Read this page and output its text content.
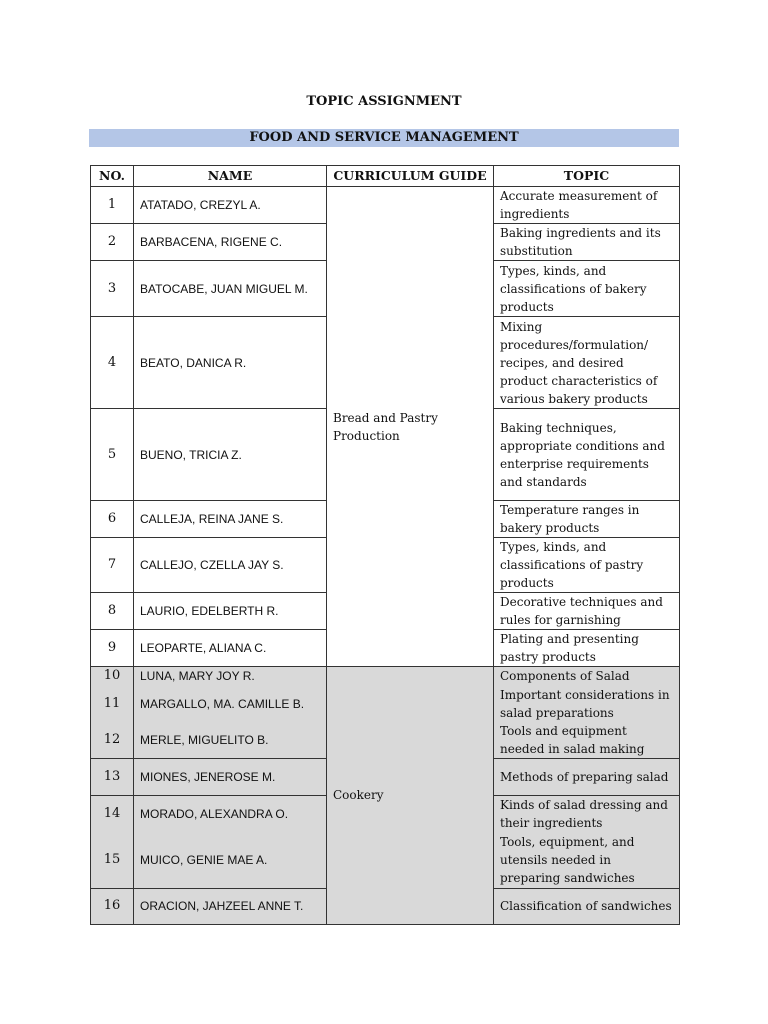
TOPIC ASSIGNMENT
FOOD AND SERVICE MANAGEMENT
NO.	NAME	CURRICULUM GUIDE	TOPIC
1	ATATADO, CREZYL A.	Bread and Pastry Production	Accurate measurement of ingredients
2	BARBACENA, RIGENE C.		Baking ingredients and its substitution
3	BATOCABE, JUAN MIGUEL M.		Types, kinds, and classifications of bakery products
4	BEATO, DANICA R.		Mixing procedures/formulation/ recipes, and desired product characteristics of various bakery products
5	BUENO, TRICIA Z.		Baking techniques, appropriate conditions and enterprise requirements and standards
6	CALLEJA, REINA JANE S.		Temperature ranges in bakery products
7	CALLEJO, CZELLA JAY S.		Types, kinds, and classifications of pastry products
8	LAURIO, EDELBERTH R.		Decorative techniques and rules for garnishing
9	LEOPARTE, ALIANA C.		Plating and presenting pastry products
10	LUNA, MARY JOY R.	Cookery	Components of Salad
11	MARGALLO, MA. CAMILLE B.		Important considerations in salad preparations
12	MERLE, MIGUELITO B.		Tools and equipment needed in salad making
13	MIONES, JENEROSE M.		Methods of preparing salad
14	MORADO, ALEXANDRA O.		Kinds of salad dressing and their ingredients
15	MUICO, GENIE MAE A.		Tools, equipment, and utensils needed in preparing sandwiches
16	ORACION, JAHZEEL ANNE T.		Classification of sandwiches
